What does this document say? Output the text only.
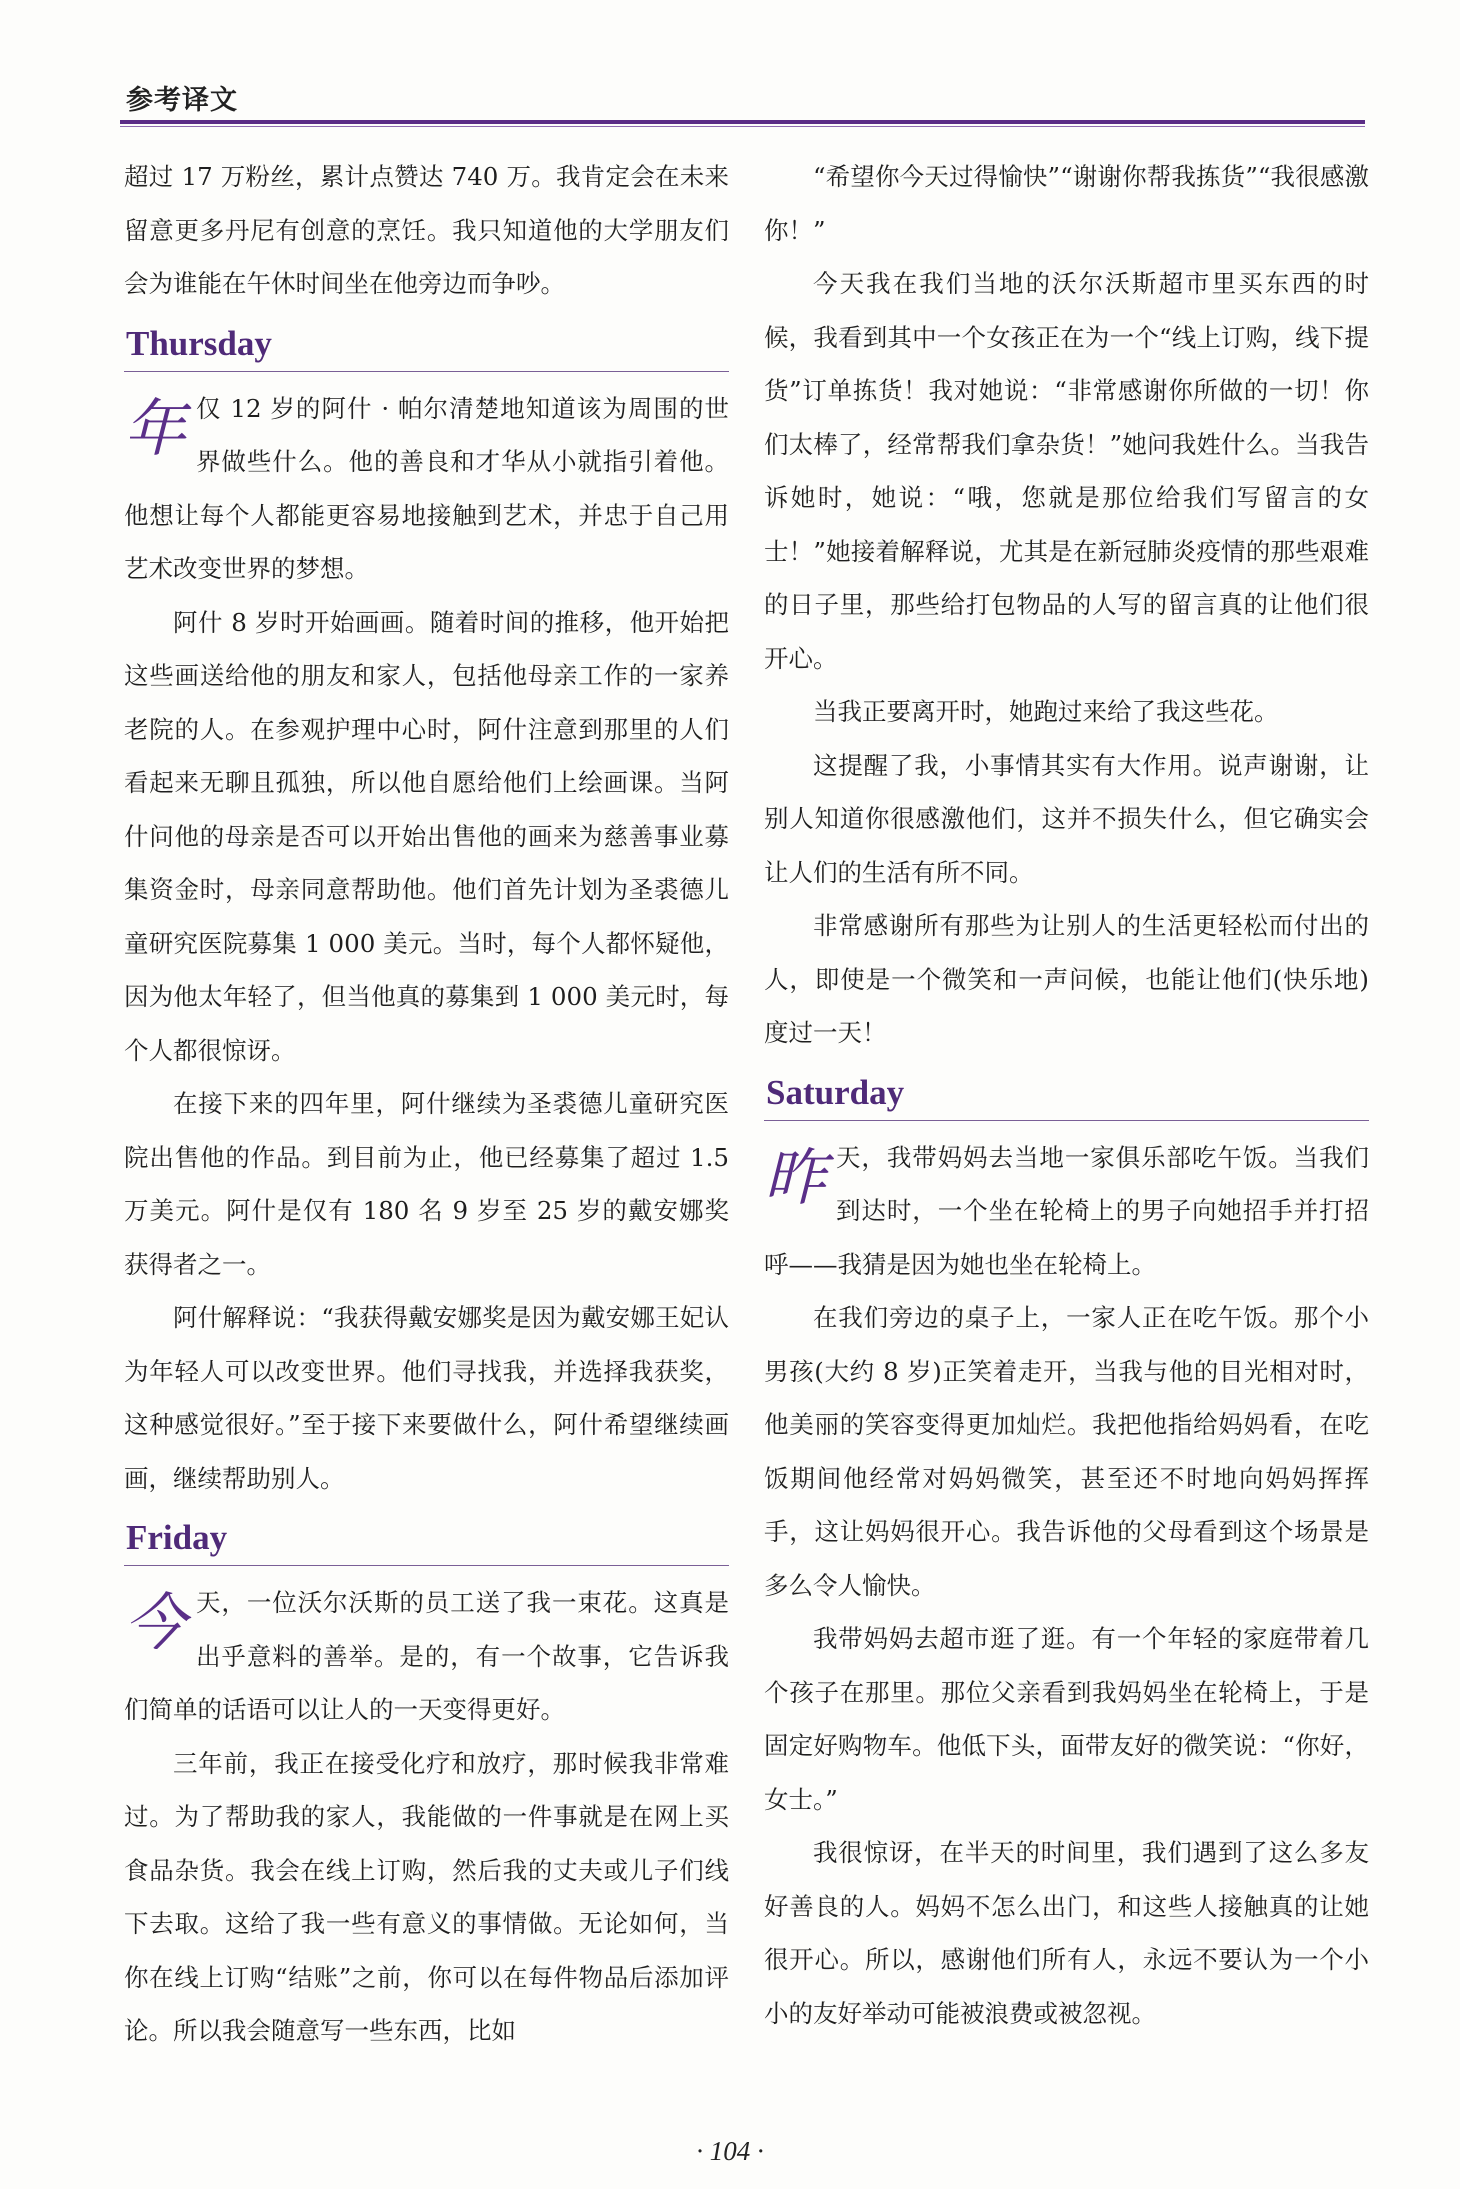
参考译文

超过 17 万粉丝，累计点赞达 740 万。我肯定会在未来留意更多丹尼有创意的烹饪。我只知道他的大学朋友们会为谁能在午休时间坐在他旁边而争吵。

Thursday

年仅 12 岁的阿什 · 帕尔清楚地知道该为周围的世界做些什么。他的善良和才华从小就指引着他。他想让每个人都能更容易地接触到艺术，并忠于自己用艺术改变世界的梦想。

阿什 8 岁时开始画画。随着时间的推移，他开始把这些画送给他的朋友和家人，包括他母亲工作的一家养老院的人。在参观护理中心时，阿什注意到那里的人们看起来无聊且孤独，所以他自愿给他们上绘画课。当阿什问他的母亲是否可以开始出售他的画来为慈善事业募集资金时，母亲同意帮助他。他们首先计划为圣裘德儿童研究医院募集 1 000 美元。当时，每个人都怀疑他，因为他太年轻了，但当他真的募集到 1 000 美元时，每个人都很惊讶。

在接下来的四年里，阿什继续为圣裘德儿童研究医院出售他的作品。到目前为止，他已经募集了超过 1.5 万美元。阿什是仅有 180 名 9 岁至 25 岁的戴安娜奖获得者之一。

阿什解释说：“我获得戴安娜奖是因为戴安娜王妃认为年轻人可以改变世界。他们寻找我，并选择我获奖，这种感觉很好。”至于接下来要做什么，阿什希望继续画画，继续帮助别人。

Friday

今天，一位沃尔沃斯的员工送了我一束花。这真是出乎意料的善举。是的，有一个故事，它告诉我们简单的话语可以让人的一天变得更好。

三年前，我正在接受化疗和放疗，那时候我非常难过。为了帮助我的家人，我能做的一件事就是在网上买食品杂货。我会在线上订购，然后我的丈夫或儿子们线下去取。这给了我一些有意义的事情做。无论如何，当你在线上订购“结账”之前，你可以在每件物品后添加评论。所以我会随意写一些东西，比如

“希望你今天过得愉快”“谢谢你帮我拣货”“我很感激你！”

今天我在我们当地的沃尔沃斯超市里买东西的时候，我看到其中一个女孩正在为一个“线上订购，线下提货”订单拣货！我对她说：“非常感谢你所做的一切！你们太棒了，经常帮我们拿杂货！”她问我姓什么。当我告诉她时，她说：“哦，您就是那位给我们写留言的女士！”她接着解释说，尤其是在新冠肺炎疫情的那些艰难的日子里，那些给打包物品的人写的留言真的让他们很开心。

当我正要离开时，她跑过来给了我这些花。

这提醒了我，小事情其实有大作用。说声谢谢，让别人知道你很感激他们，这并不损失什么，但它确实会让人们的生活有所不同。

非常感谢所有那些为让别人的生活更轻松而付出的人，即使是一个微笑和一声问候，也能让他们(快乐地)度过一天！

Saturday

昨天，我带妈妈去当地一家俱乐部吃午饭。当我们到达时，一个坐在轮椅上的男子向她招手并打招呼——我猜是因为她也坐在轮椅上。

在我们旁边的桌子上，一家人正在吃午饭。那个小男孩(大约 8 岁)正笑着走开，当我与他的目光相对时，他美丽的笑容变得更加灿烂。我把他指给妈妈看，在吃饭期间他经常对妈妈微笑，甚至还不时地向妈妈挥挥手，这让妈妈很开心。我告诉他的父母看到这个场景是多么令人愉快。

我带妈妈去超市逛了逛。有一个年轻的家庭带着几个孩子在那里。那位父亲看到我妈妈坐在轮椅上，于是固定好购物车。他低下头，面带友好的微笑说：“你好，女士。”

我很惊讶，在半天的时间里，我们遇到了这么多友好善良的人。妈妈不怎么出门，和这些人接触真的让她很开心。所以，感谢他们所有人，永远不要认为一个小小的友好举动可能被浪费或被忽视。

· 104 ·
